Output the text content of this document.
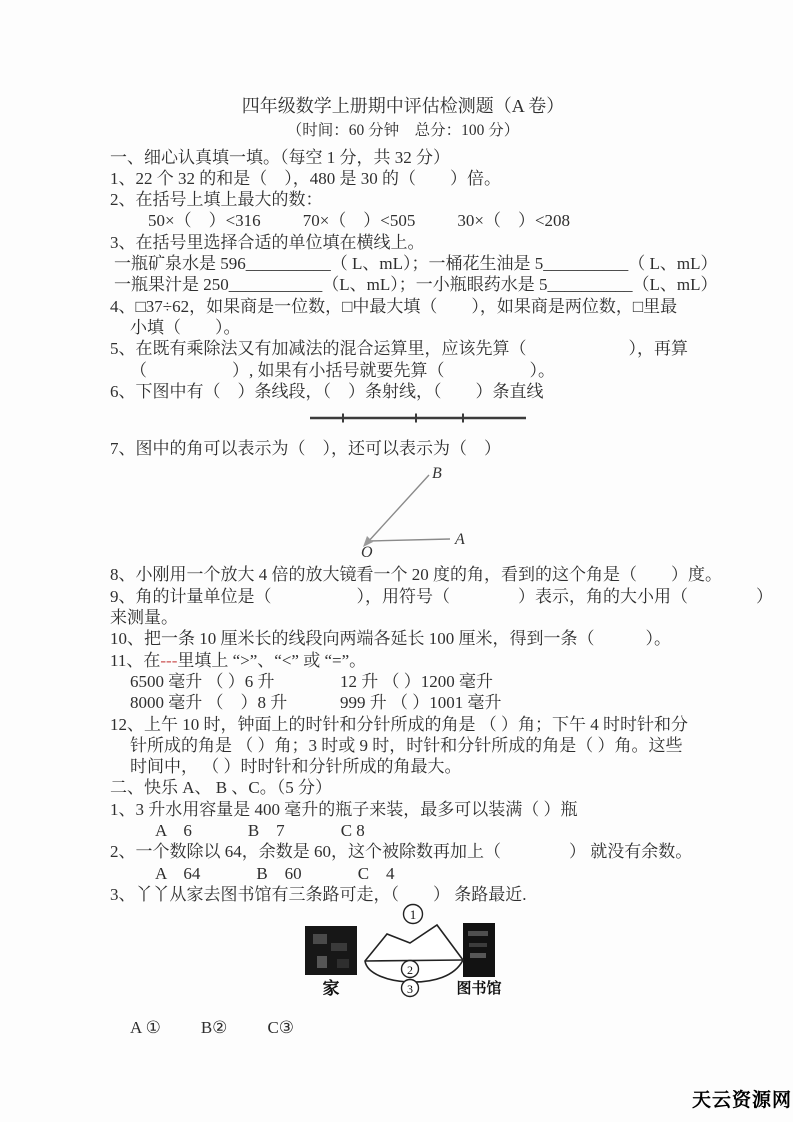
四年级数学上册期中评估检测题（A 卷）

（时间：60 分钟　总分：100 分）

一、细心认真填一填。（每空 1 分，共 32 分）

1、22 个 32 的和是（　），480 是 30 的（　　）倍。

2、在括号上填上最大的数：

50×（　）<316 70×（　）<505 30×（　）<208

3、在括号里选择合适的单位填在横线上。

一瓶矿泉水是 596__________（ L、mL）；一桶花生油是 5__________（ L、mL）

一瓶果汁是 250___________（L、mL）；一小瓶眼药水是 5__________（L、mL）

4、□37÷62，如果商是一位数，□中最大填（　　），如果商是两位数，□里最

小填（　　）。

5、在既有乘除法又有加减法的混合运算里，应该先算（　　　　　　），再算

（　　　　　）, 如果有小括号就要先算（　　　　　）。

6、下图中有（　）条线段，（　）条射线，（　　）条直线

7、图中的角可以表示为（　），还可以表示为（　）

B
A
O

8、小刚用一个放大 4 倍的放大镜看一个 20 度的角，看到的这个角是（　　）度。

9、角的计量单位是（　　　　　），用符号（　　　　）表示，角的大小用（　　　　）

来测量。

10、把一条 10 厘米长的线段向两端各延长 100 厘米，得到一条（　　　）。

11、在---里填上 “>”、“<” 或 “=”。

6500 毫升 （ ）6 升	12 升 （ ）1200 毫升
8000 毫升 （　）8 升	999 升 （ ）1001 毫升

12、上午 10 时，钟面上的时针和分针所成的角是 （ ）角；下午 4 时时针和分

针所成的角是 （ ）角；3 时或 9 时，时针和分针所成的角是（ ）角。这些

时间中， （ ）时时针和分针所成的角最大。

二、快乐 A、 B 、C。（5 分）

1、3 升水用容量是 400 毫升的瓶子来装，最多可以装满（ ）瓶

A　6	B　7	C 8

2、一个数除以 64，余数是 60，这个被除数再加上（　　　　） 就没有余数。

A　64	B　60	C　4

3、丫丫从家去图书馆有三条路可走，（　　） 条路最近.

1
2
3
家	图书馆
A ① B② C③
天云资源网
